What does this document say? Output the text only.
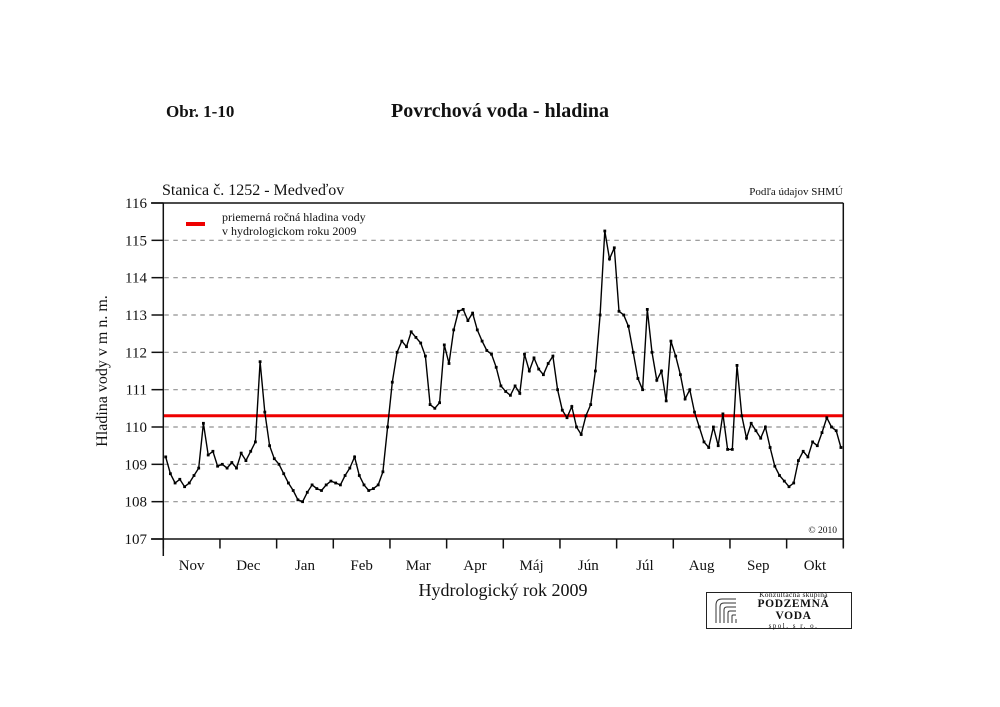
Obr. 1-10	Povrchová voda - hladina
107
108
109
110
111
112
113
114
115
116
Nov Dec Jan Feb Mar Apr Máj Jún Júl Aug Sep Okt
Stanica č. 1252 - Medveďov	Podľa údajov SHMÚ
priemerná ročná hladina vody
v hydrologickom roku 2009
Hladina vody v m n. m.
Hydrologický rok 2009
© 2010
Konzultačná skupina
PODZEMNÁ VODA
spol. s r. o.
